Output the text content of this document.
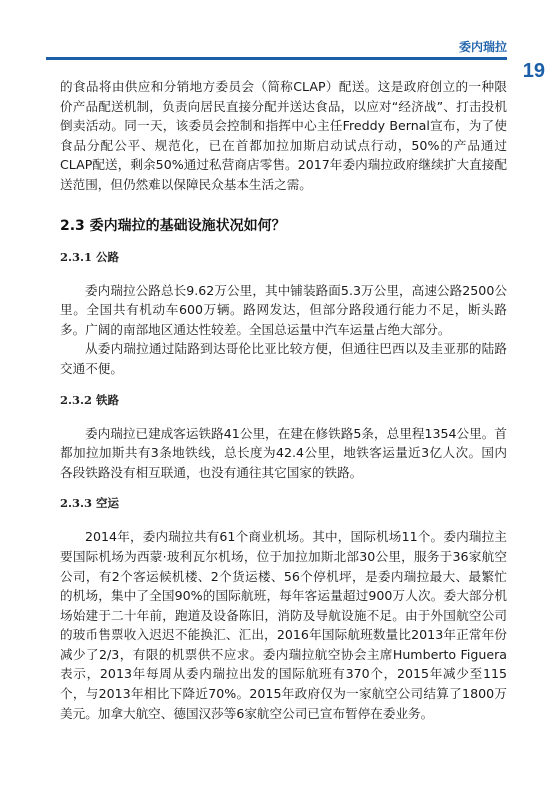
委内瑞拉
19

的食品将由供应和分销地方委员会（简称CLAP）配送。这是政府创立的一种限价产品配送机制，负责向居民直接分配并送达食品，以应对“经济战”、打击投机倒卖活动。同一天，该委员会控制和指挥中心主任Freddy Bernal宣布，为了使食品分配公平、规范化，已在首都加拉加斯启动试点行动，50%的产品通过CLAP配送，剩余50%通过私营商店零售。2017年委内瑞拉政府继续扩大直接配送范围，但仍然难以保障民众基本生活之需。

2.3 委内瑞拉的基础设施状况如何？
2.3.1 公路

委内瑞拉公路总长9.62万公里，其中铺装路面5.3万公里，高速公路2500公里。全国共有机动车600万辆。路网发达，但部分路段通行能力不足，断头路多。广阔的南部地区通达性较差。全国总运量中汽车运量占绝大部分。

从委内瑞拉通过陆路到达哥伦比亚比较方便，但通往巴西以及圭亚那的陆路交通不便。

2.3.2 铁路

委内瑞拉已建成客运铁路41公里，在建在修铁路5条，总里程1354公里。首都加拉加斯共有3条地铁线，总长度为42.4公里，地铁客运量近3亿人次。国内各段铁路没有相互联通，也没有通往其它国家的铁路。

2.3.3 空运

2014年，委内瑞拉共有61个商业机场。其中，国际机场11个。委内瑞拉主要国际机场为西蒙·玻利瓦尔机场，位于加拉加斯北部30公里，服务于36家航空公司，有2个客运候机楼、2个货运楼、56个停机坪，是委内瑞拉最大、最繁忙的机场，集中了全国90%的国际航班，每年客运量超过900万人次。委大部分机场始建于二十年前，跑道及设备陈旧，消防及导航设施不足。由于外国航空公司的玻币售票收入迟迟不能换汇、汇出，2016年国际航班数量比2013年正常年份减少了2/3，有限的机票供不应求。委内瑞拉航空协会主席Humberto Figuera表示，2013年每周从委内瑞拉出发的国际航班有370个，2015年减少至115个，与2013年相比下降近70%。2015年政府仅为一家航空公司结算了1800万美元。加拿大航空、德国汉莎等6家航空公司已宣布暂停在委业务。
